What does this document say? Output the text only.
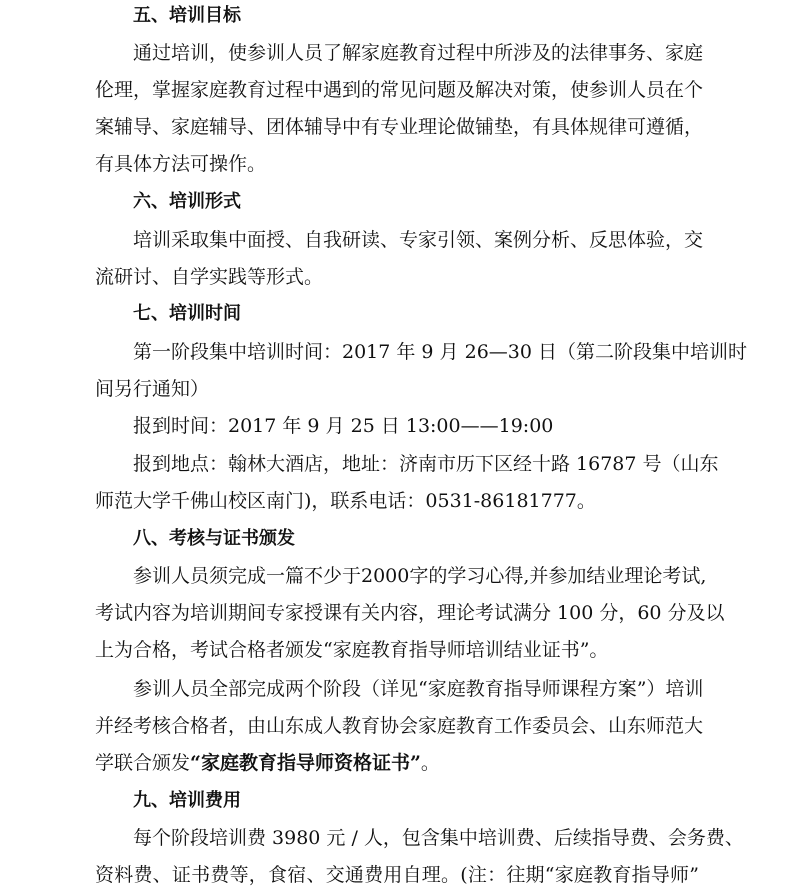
五、培训目标
通过培训，使参训人员了解家庭教育过程中所涉及的法律事务、家庭
伦理，掌握家庭教育过程中遇到的常见问题及解决对策，使参训人员在个
案辅导、家庭辅导、团体辅导中有专业理论做铺垫，有具体规律可遵循，
有具体方法可操作。
六、培训形式
培训采取集中面授、自我研读、专家引领、案例分析、反思体验，交
流研讨、自学实践等形式。
七、培训时间
第一阶段集中培训时间：2017 年 9 月 26—30 日（第二阶段集中培训时
间另行通知）
报到时间：2017 年 9 月 25 日 13:00——19:00
报到地点：翰林大酒店，地址：济南市历下区经十路 16787 号（山东
师范大学千佛山校区南门)，联系电话：0531-86181777。
八、考核与证书颁发
参训人员须完成一篇不少于2000字的学习心得,并参加结业理论考试,
考试内容为培训期间专家授课有关内容，理论考试满分 100 分，60 分及以
上为合格，考试合格者颁发“家庭教育指导师培训结业证书”。
参训人员全部完成两个阶段（详见“家庭教育指导师课程方案”）培训
并经考核合格者，由山东成人教育协会家庭教育工作委员会、山东师范大
学联合颁发“家庭教育指导师资格证书”。
九、培训费用
每个阶段培训费 3980 元 / 人，包含集中培训费、后续指导费、会务费、
资料费、证书费等，食宿、交通费用自理。(注：往期“家庭教育指导师”
